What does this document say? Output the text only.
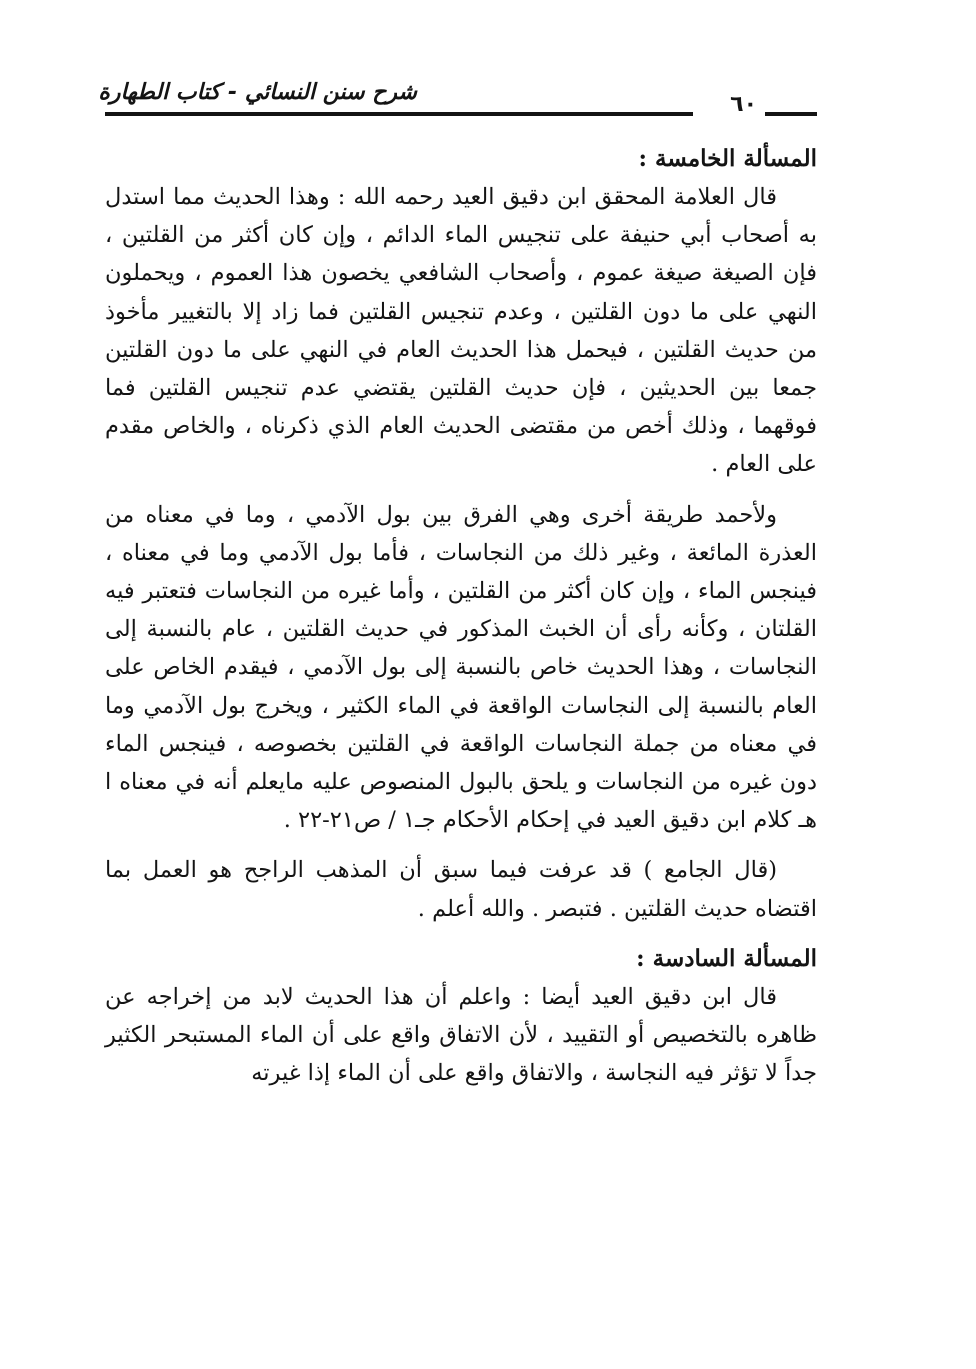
شرح سنن النسائي - كتاب الطهارة	٦٠

المسألة الخامسة :

قال العلامة المحقق ابن دقيق العيد رحمه الله : وهذا الحديث مما استدل به أصحاب أبي حنيفة على تنجيس الماء الدائم ، وإن كان أكثر من القلتين ، فإن الصيغة صيغة عموم ، وأصحاب الشافعي يخصون هذا العموم ، ويحملون النهي على ما دون القلتين ، وعدم تنجيس القلتين فما زاد إلا بالتغيير مأخوذ من حديث القلتين ، فيحمل هذا الحديث العام في النهي على ما دون القلتين جمعا بين الحديثين ، فإن حديث القلتين يقتضي عدم تنجيس القلتين فما فوقهما ، وذلك أخص من مقتضى الحديث العام الذي ذكرناه ، والخاص مقدم على العام .

ولأحمد طريقة أخرى وهي الفرق بين بول الآدمي ، وما في معناه من العذرة المائعة ، وغير ذلك من النجاسات ، فأما بول الآدمي وما في معناه ، فينجس الماء ، وإن كان أكثر من القلتين ، وأما غيره من النجاسات فتعتبر فيه القلتان ، وكأنه رأى أن الخبث المذكور في حديث القلتين ، عام بالنسبة إلى النجاسات ، وهذا الحديث خاص بالنسبة إلى بول الآدمي ، فيقدم الخاص على العام بالنسبة إلى النجاسات الواقعة في الماء الكثير ، ويخرج بول الآدمي وما في معناه من جملة النجاسات الواقعة في القلتين بخصوصه ، فينجس الماء دون غيره من النجاسات و يلحق بالبول المنصوص عليه مايعلم أنه في معناه ا هـ كلام ابن دقيق العيد في إحكام الأحكام جـ١ / ص٢١-٢٢ .

(قال الجامع ) قد عرفت فيما سبق أن المذهب الراجح هو العمل بما اقتضاه حديث القلتين . فتبصر . والله أعلم .

المسألة السادسة :

قال ابن دقيق العيد أيضا : واعلم أن هذا الحديث لابد من إخراجه عن ظاهره بالتخصيص أو التقييد ، لأن الاتفاق واقع على أن الماء المستبحر الكثير جداً لا تؤثر فيه النجاسة ، والاتفاق واقع على أن الماء إذا غيرته
